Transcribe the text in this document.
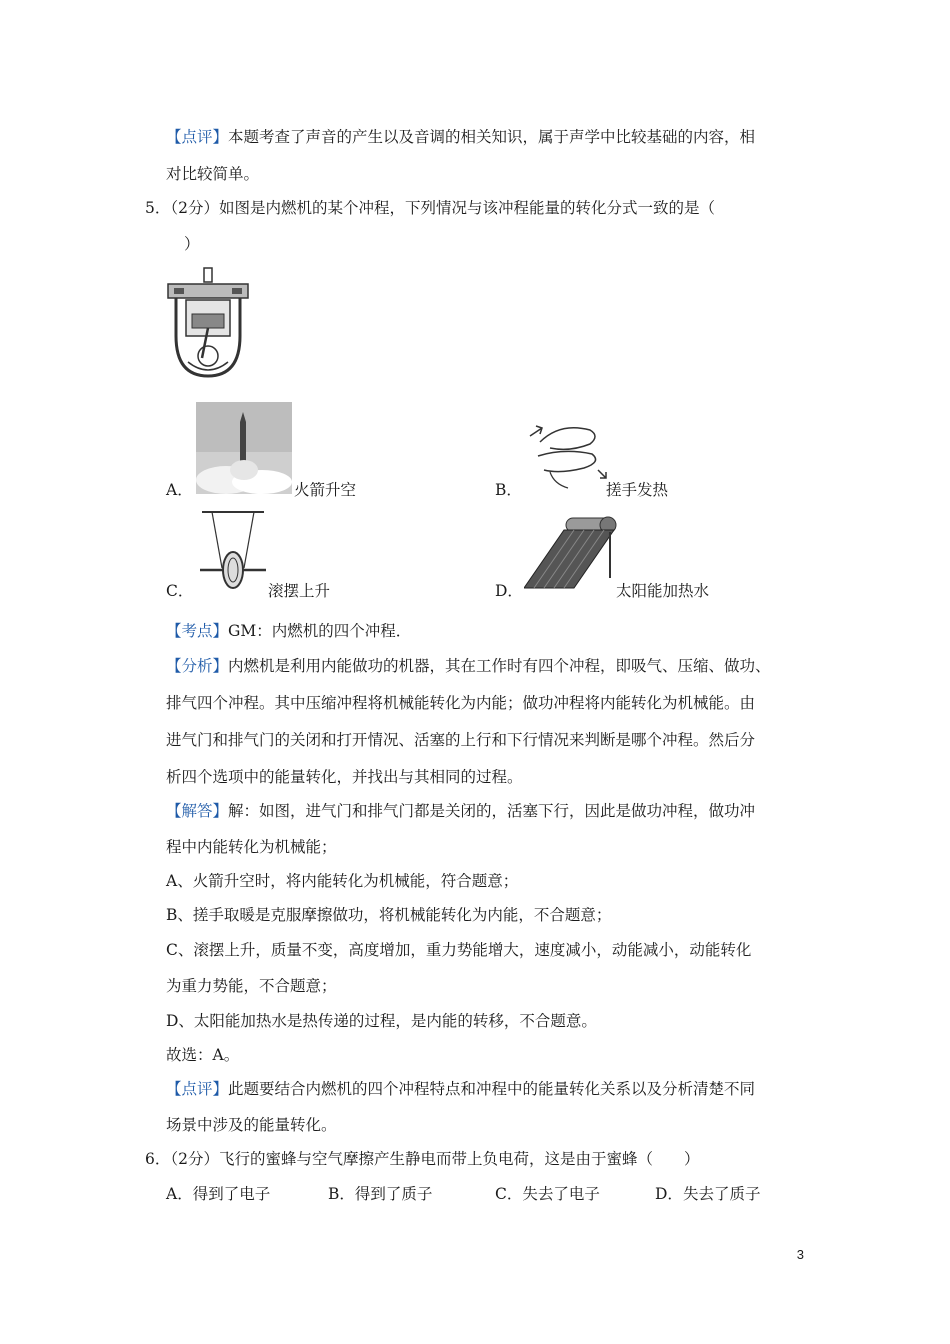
【点评】本题考查了声音的产生以及音调的相关知识，属于声学中比较基础的内容，相
对比较简单。
5．（2分）如图是内燃机的某个冲程，下列情况与该冲程能量的转化分式一致的是（
）
A．	火箭升空	B．	搓手发热
C．	滚摆上升	D．	太阳能加热水
【考点】GM：内燃机的四个冲程．
【分析】内燃机是利用内能做功的机器，其在工作时有四个冲程，即吸气、压缩、做功、
排气四个冲程。其中压缩冲程将机械能转化为内能；做功冲程将内能转化为机械能。由
进气门和排气门的关闭和打开情况、活塞的上行和下行情况来判断是哪个冲程。然后分
析四个选项中的能量转化，并找出与其相同的过程。
【解答】解：如图，进气门和排气门都是关闭的，活塞下行，因此是做功冲程，做功冲
程中内能转化为机械能；
A、火箭升空时，将内能转化为机械能，符合题意；
B、搓手取暖是克服摩擦做功，将机械能转化为内能，不合题意；
C、滚摆上升，质量不变，高度增加，重力势能增大，速度减小，动能减小，动能转化
为重力势能，不合题意；
D、太阳能加热水是热传递的过程，是内能的转移，不合题意。
故选：A。
【点评】此题要结合内燃机的四个冲程特点和冲程中的能量转化关系以及分析清楚不同
场景中涉及的能量转化。
6．（2分）飞行的蜜蜂与空气摩擦产生静电而带上负电荷，这是由于蜜蜂（　　）
A．得到了电子	B．得到了质子	C．失去了电子	D．失去了质子
3
